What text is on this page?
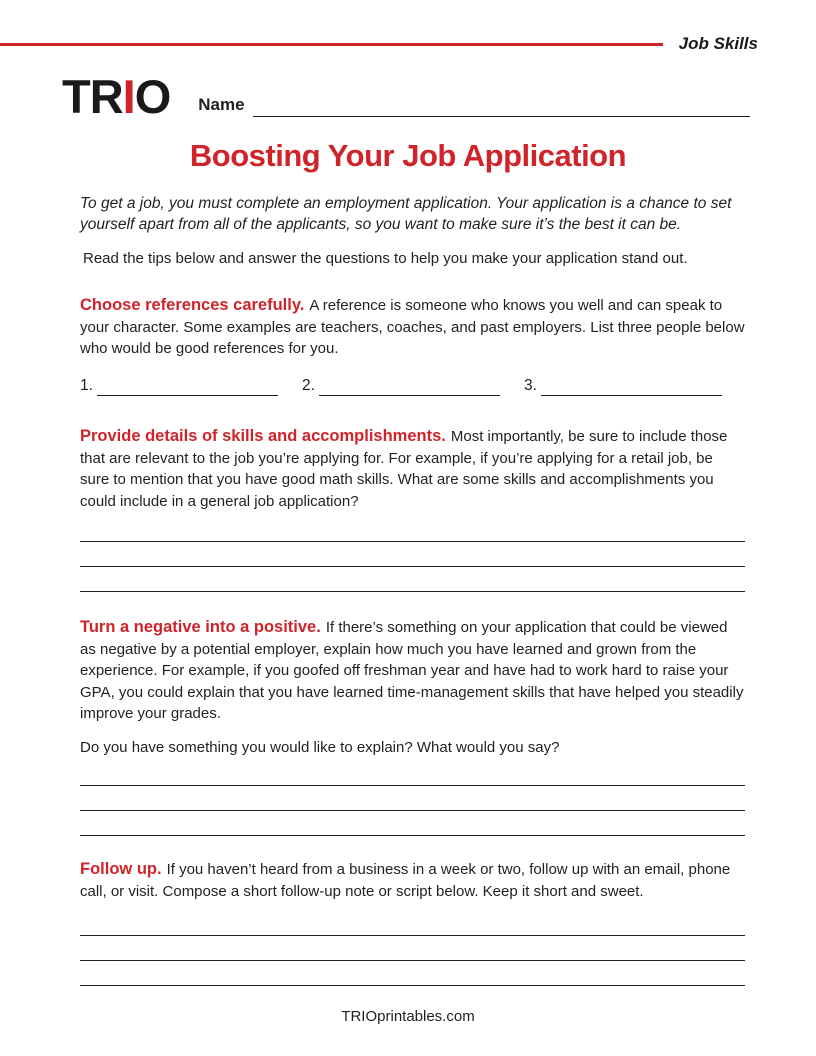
Job Skills
TRIO Name
Boosting Your Job Application

To get a job, you must complete an employment application. Your application is a chance to set yourself apart from all of the applicants, so you want to make sure it’s the best it can be.

Read the tips below and answer the questions to help you make your application stand out.

Choose references carefully. A reference is someone who knows you well and can speak to your character. Some examples are teachers, coaches, and past employers. List three people below who would be good references for you.

1.	2.	3.

Provide details of skills and accomplishments. Most importantly, be sure to include those that are relevant to the job you’re applying for. For example, if you’re applying for a retail job, be sure to mention that you have good math skills. What are some skills and accomplishments you could include in a general job application?

Turn a negative into a positive. If there’s something on your application that could be viewed as negative by a potential employer, explain how much you have learned and grown from the experience. For example, if you goofed off freshman year and have had to work hard to raise your GPA, you could explain that you have learned time-management skills that have helped you steadily improve your grades.

Do you have something you would like to explain? What would you say?

Follow up. If you haven’t heard from a business in a week or two, follow up with an email, phone call, or visit. Compose a short follow-up note or script below. Keep it short and sweet.

TRIOprintables.com
